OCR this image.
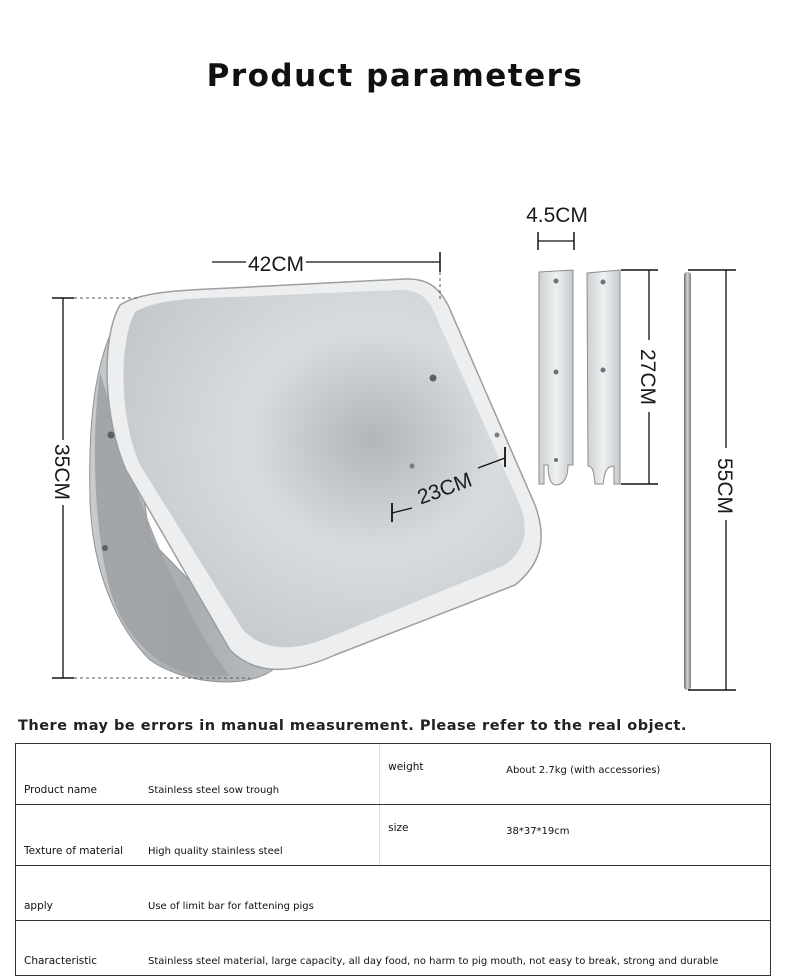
Product parameters
42CM
35CM	23CM
4.5CM
27CM
55CM
There may be errors in manual measurement. Please refer to the real object.
Product name	Stainless steel sow trough	weight	About 2.7kg (with accessories)
Texture of material	High quality stainless steel	size	38*37*19cm
apply	Use of limit bar for fattening pigs		
Characteristic	Stainless steel material, large capacity, all day food, no harm to pig mouth, not easy to break, strong and durable		
